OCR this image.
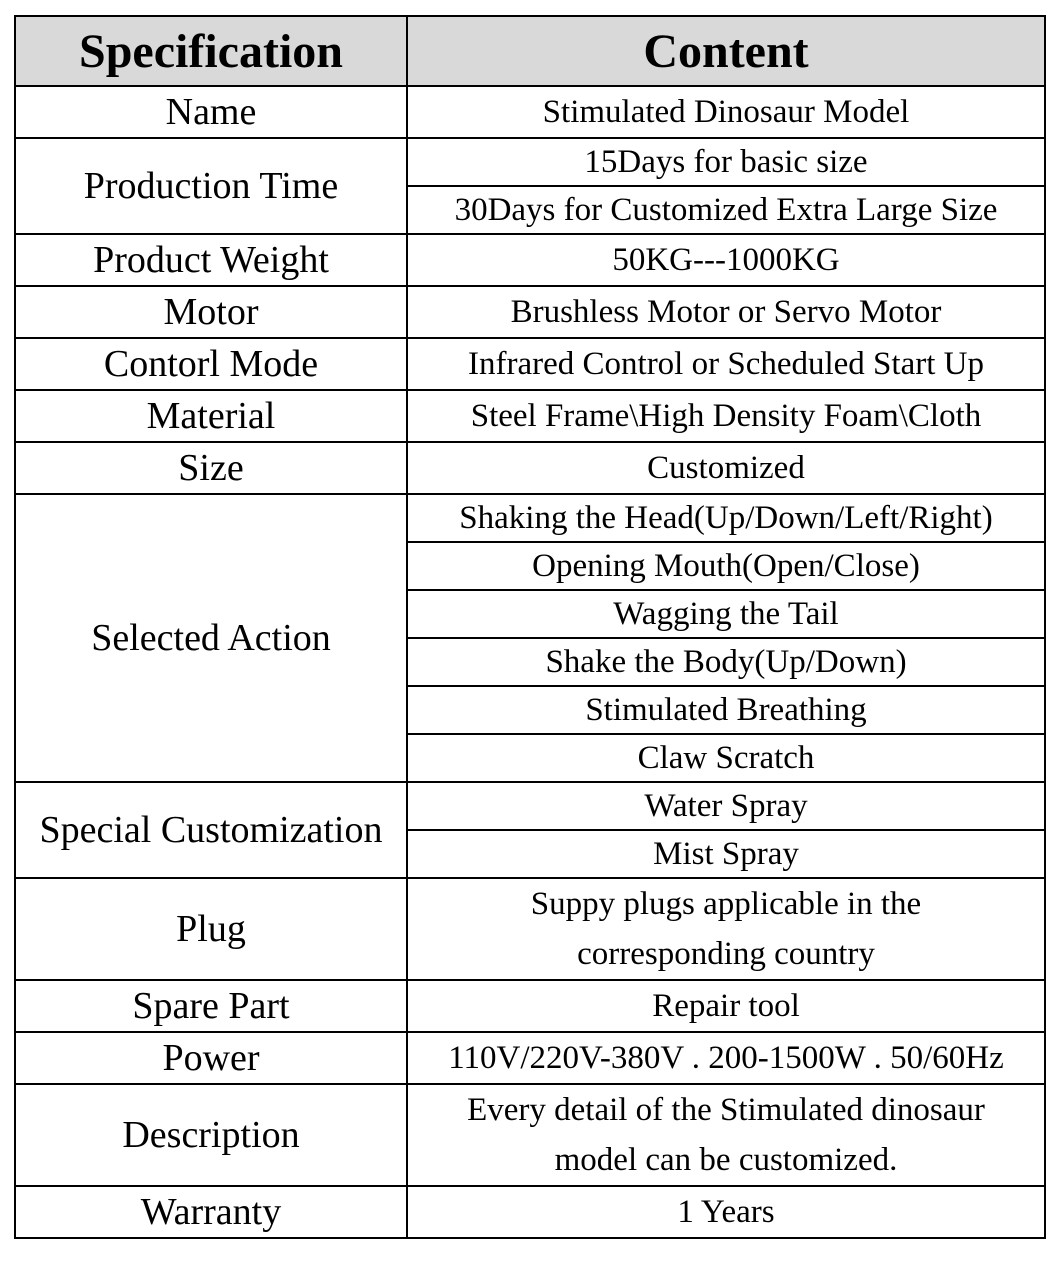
Specification	Content
Name	Stimulated Dinosaur Model
Production Time	15Days for basic size
	30Days for Customized Extra Large Size
Product Weight	50KG---1000KG
Motor	Brushless Motor or Servo Motor
Contorl Mode	Infrared Control or Scheduled Start Up
Material	Steel Frame\High Density Foam\Cloth
Size	Customized
Selected Action	Shaking the Head(Up/Down/Left/Right)
	Opening Mouth(Open/Close)
	Wagging the Tail
	Shake the Body(Up/Down)
	Stimulated Breathing
	Claw Scratch
Special Customization	Water Spray
	Mist Spray
Plug	Suppy plugs applicable in the
corresponding country

Spare Part	Repair tool
Power	110V/220V-380V . 200-1500W . 50/60Hz
Description	Every detail of the Stimulated dinosaur
model can be customized.

Warranty	1 Years
